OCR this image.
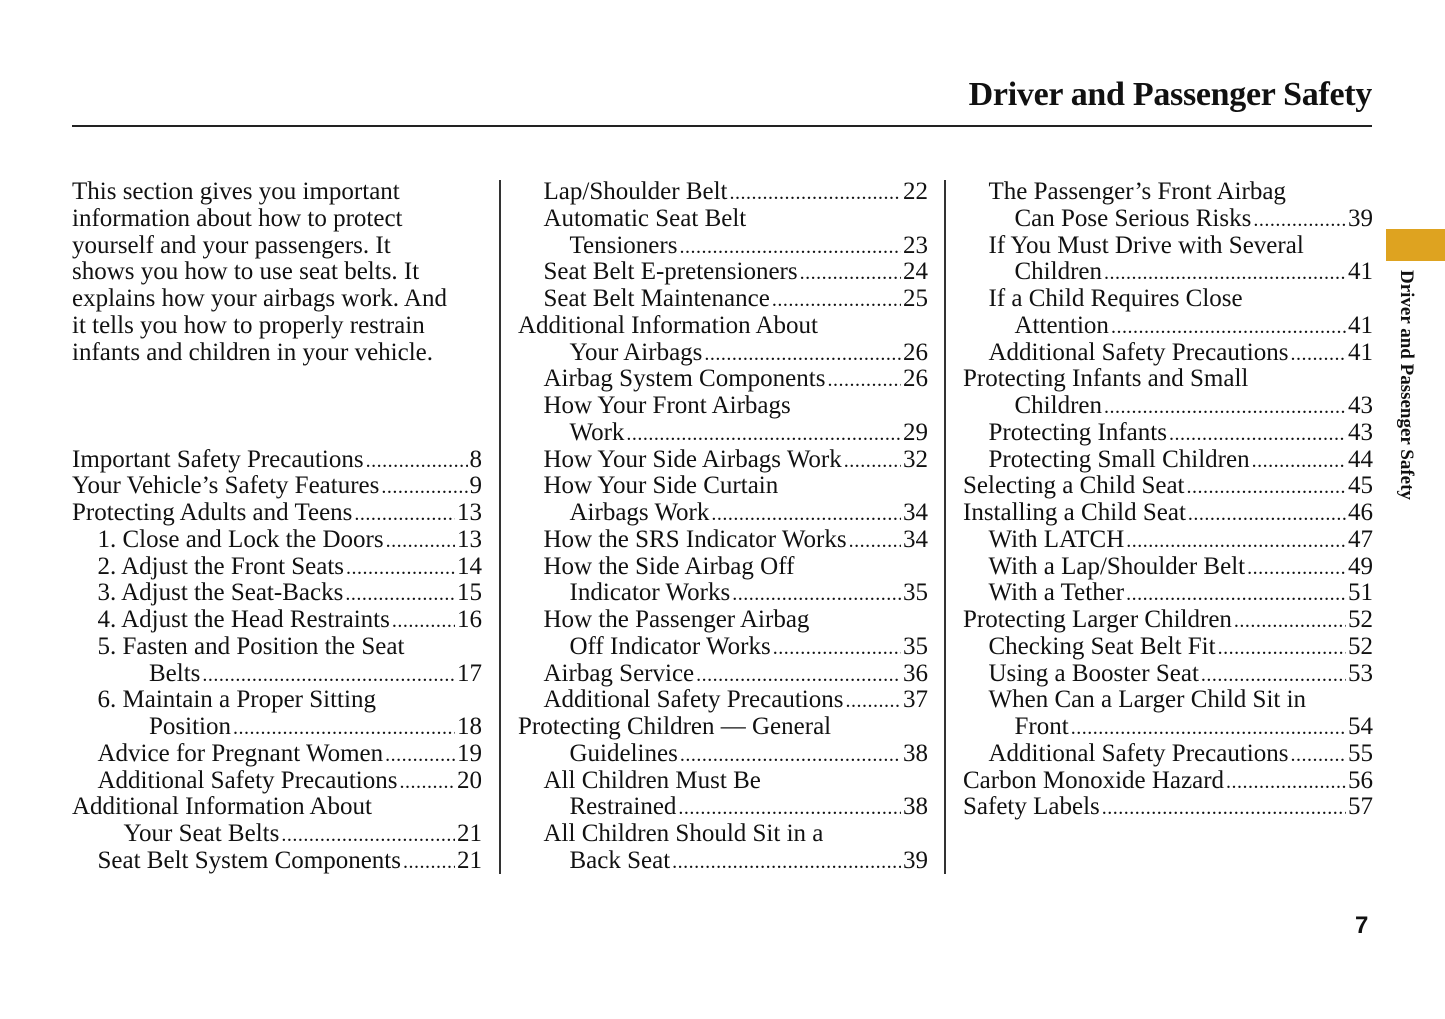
Driver and Passenger Safety
This section gives you important
information about how to protect
yourself and your passengers. It
shows you how to use seat belts. It
explains how your airbags work. And
it tells you how to properly restrain
infants and children in your vehicle.
Important Safety Precautions .....	8
Your Vehicle’s Safety Features .....	9
Protecting Adults and Teens .....	13
1. Close and Lock the Doors .....	13
2. Adjust the Front Seats .....	14
3. Adjust the Seat-Backs .....	15
4. Adjust the Head Restraints .....	16
5. Fasten and Position the Seat
Belts .....	17
6. Maintain a Proper Sitting
Position .....	18
Advice for Pregnant Women .....	19
Additional Safety Precautions ..... 20
Additional Information About
Your Seat Belts .....	21
Seat Belt System Components ..... 21
Lap/Shoulder Belt .....	22
Automatic Seat Belt
Tensioners .....	23
Seat Belt E-pretensioners .....	24
Seat Belt Maintenance .....	25
Additional Information About
Your Airbags .....	26
Airbag System Components .....	26
How Your Front Airbags
Work .....	29
How Your Side Airbags Work ..... 32
How Your Side Curtain
Airbags Work .....	34
How the SRS Indicator Works ..... 34
How the Side Airbag Off
Indicator Works .....	35
How the Passenger Airbag
Off Indicator Works .....	35
Airbag Service .....	36
Additional Safety Precautions ..... 37
Protecting Children — General
Guidelines .....	38
All Children Must Be
Restrained .....	38
All Children Should Sit in a
Back Seat .....	39
The Passenger’s Front Airbag
Can Pose Serious Risks .....	39
If You Must Drive with Several
Children .....	41
If a Child Requires Close
Attention .....	41
Additional Safety Precautions ..... 41
Protecting Infants and Small
Children .....	43
Protecting Infants .....	43
Protecting Small Children .....	44
Selecting a Child Seat .....	45
Installing a Child Seat .....	46
With LATCH .....	47
With a Lap/Shoulder Belt .....	49
With a Tether .....	51
Protecting Larger Children .....	52
Checking Seat Belt Fit .....	52
Using a Booster Seat .....	53
When Can a Larger Child Sit in
Front .....	54
Additional Safety Precautions ..... 55
Carbon Monoxide Hazard .....	56
Safety Labels .....	57
Driver and Passenger Safety
7
